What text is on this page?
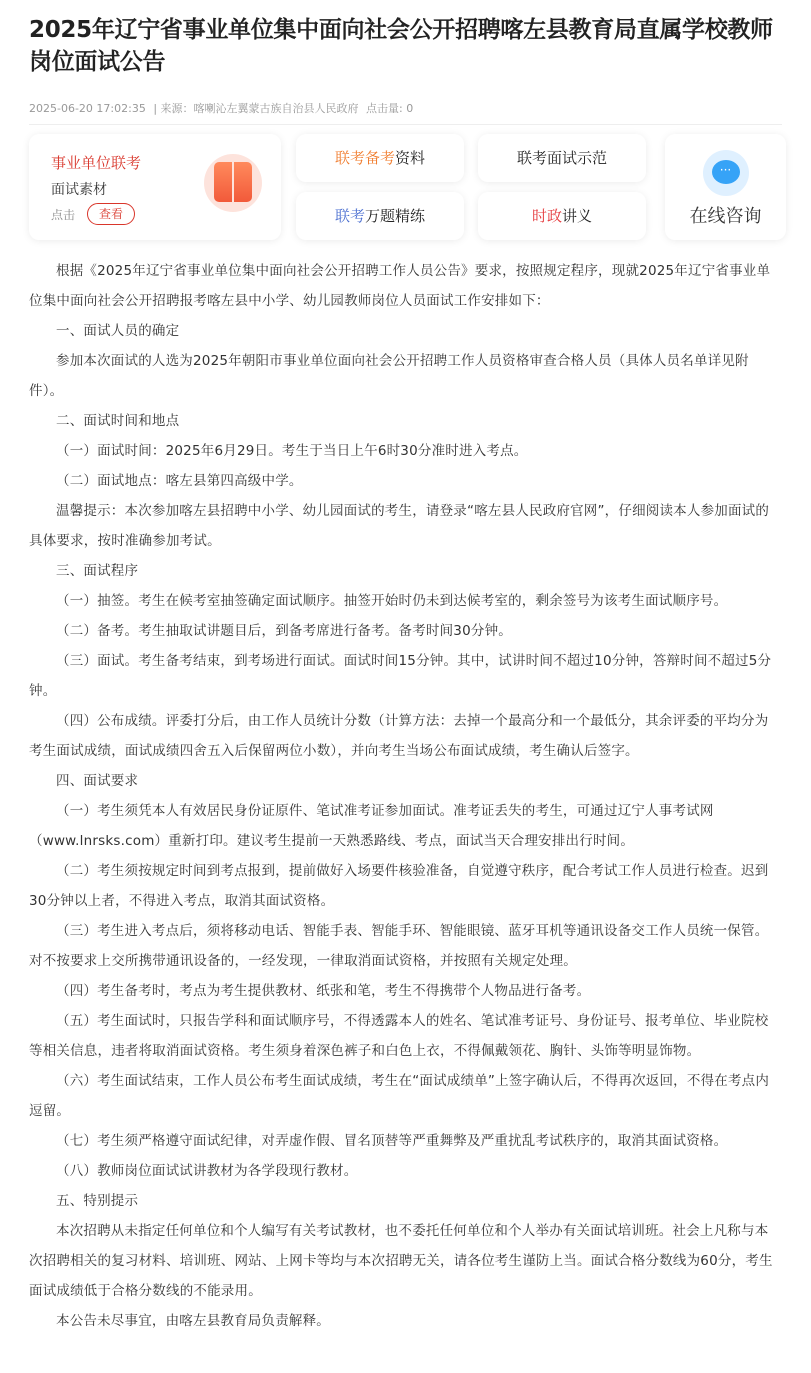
2025年辽宁省事业单位集中面向社会公开招聘喀左县教育局直属学校教师岗位面试公告
2025-06-20 17:02:35 | 来源：喀喇沁左翼蒙古族自治县人民政府 点击量: 0
事业单位联考
面试素材
点击	查看
联考备考资料	联考面试示范
联考万题精练	时政讲义
···	在线咨询

根据《2025年辽宁省事业单位集中面向社会公开招聘工作人员公告》要求，按照规定程序，现就2025年辽宁省事业单位集中面向社会公开招聘报考喀左县中小学、幼儿园教师岗位人员面试工作安排如下：

一、面试人员的确定

参加本次面试的人选为2025年朝阳市事业单位面向社会公开招聘工作人员资格审查合格人员（具体人员名单详见附件）。

二、面试时间和地点

（一）面试时间：2025年6月29日。考生于当日上午6时30分准时进入考点。

（二）面试地点：喀左县第四高级中学。

温馨提示：本次参加喀左县招聘中小学、幼儿园面试的考生，请登录“喀左县人民政府官网”，仔细阅读本人参加面试的具体要求，按时准确参加考试。

三、面试程序

（一）抽签。考生在候考室抽签确定面试顺序。抽签开始时仍未到达候考室的，剩余签号为该考生面试顺序号。

（二）备考。考生抽取试讲题目后，到备考席进行备考。备考时间30分钟。

（三）面试。考生备考结束，到考场进行面试。面试时间15分钟。其中，试讲时间不超过10分钟，答辩时间不超过5分钟。

（四）公布成绩。评委打分后，由工作人员统计分数（计算方法：去掉一个最高分和一个最低分，其余评委的平均分为考生面试成绩，面试成绩四舍五入后保留两位小数），并向考生当场公布面试成绩，考生确认后签字。

四、面试要求

（一）考生须凭本人有效居民身份证原件、笔试准考证参加面试。准考证丢失的考生，可通过辽宁人事考试网（www.lnrsks.com）重新打印。建议考生提前一天熟悉路线、考点，面试当天合理安排出行时间。

（二）考生须按规定时间到考点报到，提前做好入场要件核验准备，自觉遵守秩序，配合考试工作人员进行检查。迟到30分钟以上者，不得进入考点，取消其面试资格。

（三）考生进入考点后，须将移动电话、智能手表、智能手环、智能眼镜、蓝牙耳机等通讯设备交工作人员统一保管。对不按要求上交所携带通讯设备的，一经发现，一律取消面试资格，并按照有关规定处理。

（四）考生备考时，考点为考生提供教材、纸张和笔，考生不得携带个人物品进行备考。

（五）考生面试时，只报告学科和面试顺序号，不得透露本人的姓名、笔试准考证号、身份证号、报考单位、毕业院校等相关信息，违者将取消面试资格。考生须身着深色裤子和白色上衣，不得佩戴领花、胸针、头饰等明显饰物。

（六）考生面试结束，工作人员公布考生面试成绩，考生在“面试成绩单”上签字确认后，不得再次返回，不得在考点内逗留。

（七）考生须严格遵守面试纪律，对弄虚作假、冒名顶替等严重舞弊及严重扰乱考试秩序的，取消其面试资格。

（八）教师岗位面试试讲教材为各学段现行教材。

五、特别提示

本次招聘从未指定任何单位和个人编写有关考试教材，也不委托任何单位和个人举办有关面试培训班。社会上凡称与本次招聘相关的复习材料、培训班、网站、上网卡等均与本次招聘无关，请各位考生谨防上当。面试合格分数线为60分，考生面试成绩低于合格分数线的不能录用。

本公告未尽事宜，由喀左县教育局负责解释。
